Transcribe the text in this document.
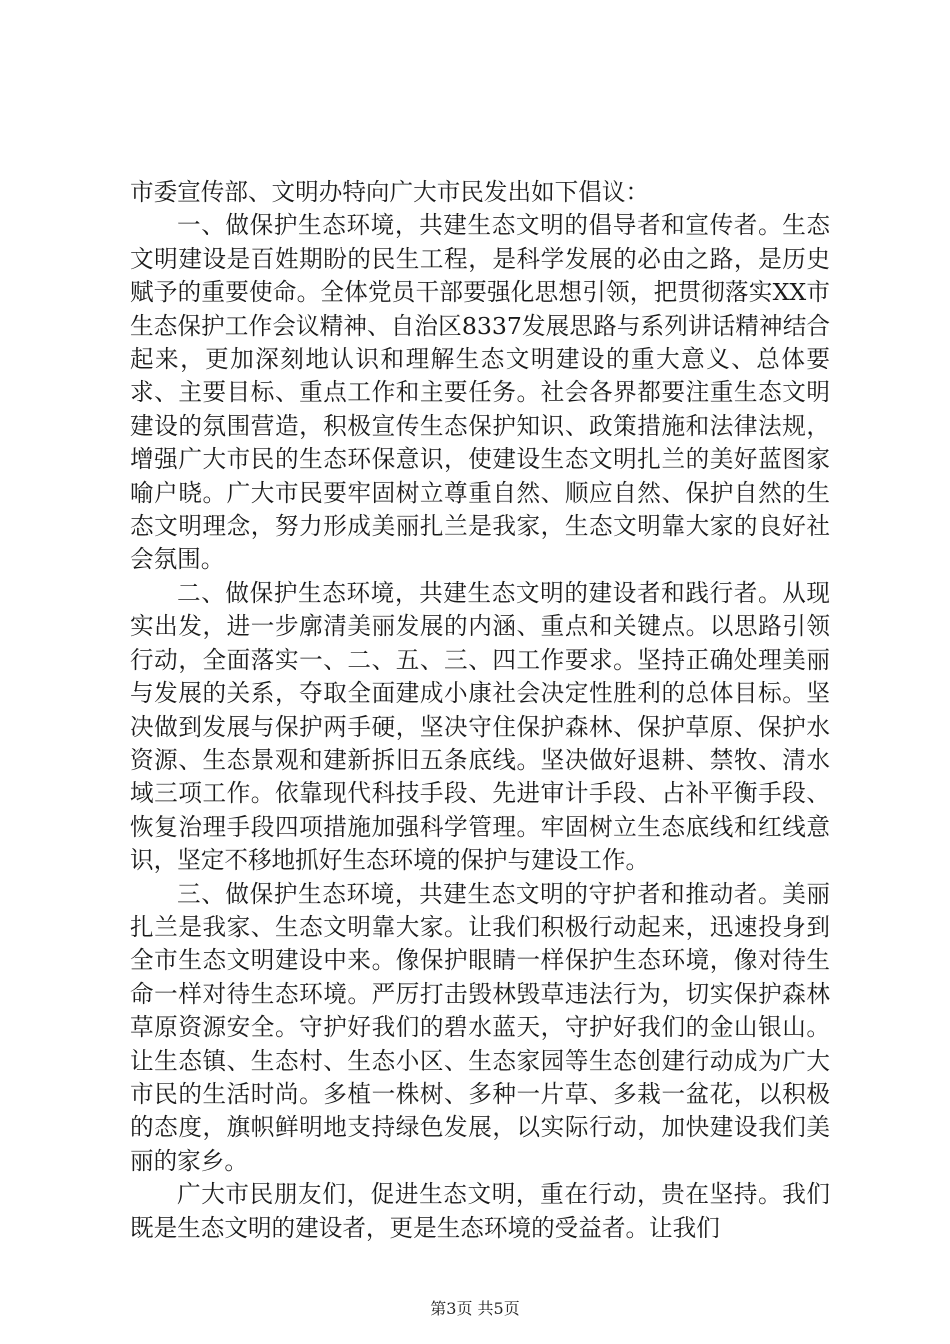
市委宣传部、文明办特向广大市民发出如下倡议：

一、做保护生态环境，共建生态文明的倡导者和宣传者。生态文明建设是百姓期盼的民生工程，是科学发展的必由之路，是历史赋予的重要使命。全体党员干部要强化思想引领，把贯彻落实XX市生态保护工作会议精神、自治区8337发展思路与系列讲话精神结合起来，更加深刻地认识和理解生态文明建设的重大意义、总体要求、主要目标、重点工作和主要任务。社会各界都要注重生态文明建设的氛围营造，积极宣传生态保护知识、政策措施和法律法规，增强广大市民的生态环保意识，使建设生态文明扎兰的美好蓝图家喻户晓。广大市民要牢固树立尊重自然、顺应自然、保护自然的生态文明理念，努力形成美丽扎兰是我家，生态文明靠大家的良好社会氛围。

二、做保护生态环境，共建生态文明的建设者和践行者。从现实出发，进一步廓清美丽发展的内涵、重点和关键点。以思路引领行动，全面落实一、二、五、三、四工作要求。坚持正确处理美丽与发展的关系，夺取全面建成小康社会决定性胜利的总体目标。坚决做到发展与保护两手硬，坚决守住保护森林、保护草原、保护水资源、生态景观和建新拆旧五条底线。坚决做好退耕、禁牧、清水域三项工作。依靠现代科技手段、先进审计手段、占补平衡手段、恢复治理手段四项措施加强科学管理。牢固树立生态底线和红线意识，坚定不移地抓好生态环境的保护与建设工作。

三、做保护生态环境，共建生态文明的守护者和推动者。美丽扎兰是我家、生态文明靠大家。让我们积极行动起来，迅速投身到全市生态文明建设中来。像保护眼睛一样保护生态环境，像对待生命一样对待生态环境。严厉打击毁林毁草违法行为，切实保护森林草原资源安全。守护好我们的碧水蓝天，守护好我们的金山银山。让生态镇、生态村、生态小区、生态家园等生态创建行动成为广大市民的生活时尚。多植一株树、多种一片草、多栽一盆花，以积极的态度，旗帜鲜明地支持绿色发展，以实际行动，加快建设我们美丽的家乡。

广大市民朋友们，促进生态文明，重在行动，贵在坚持。我们既是生态文明的建设者，更是生态环境的受益者。让我们

第3页 共5页
